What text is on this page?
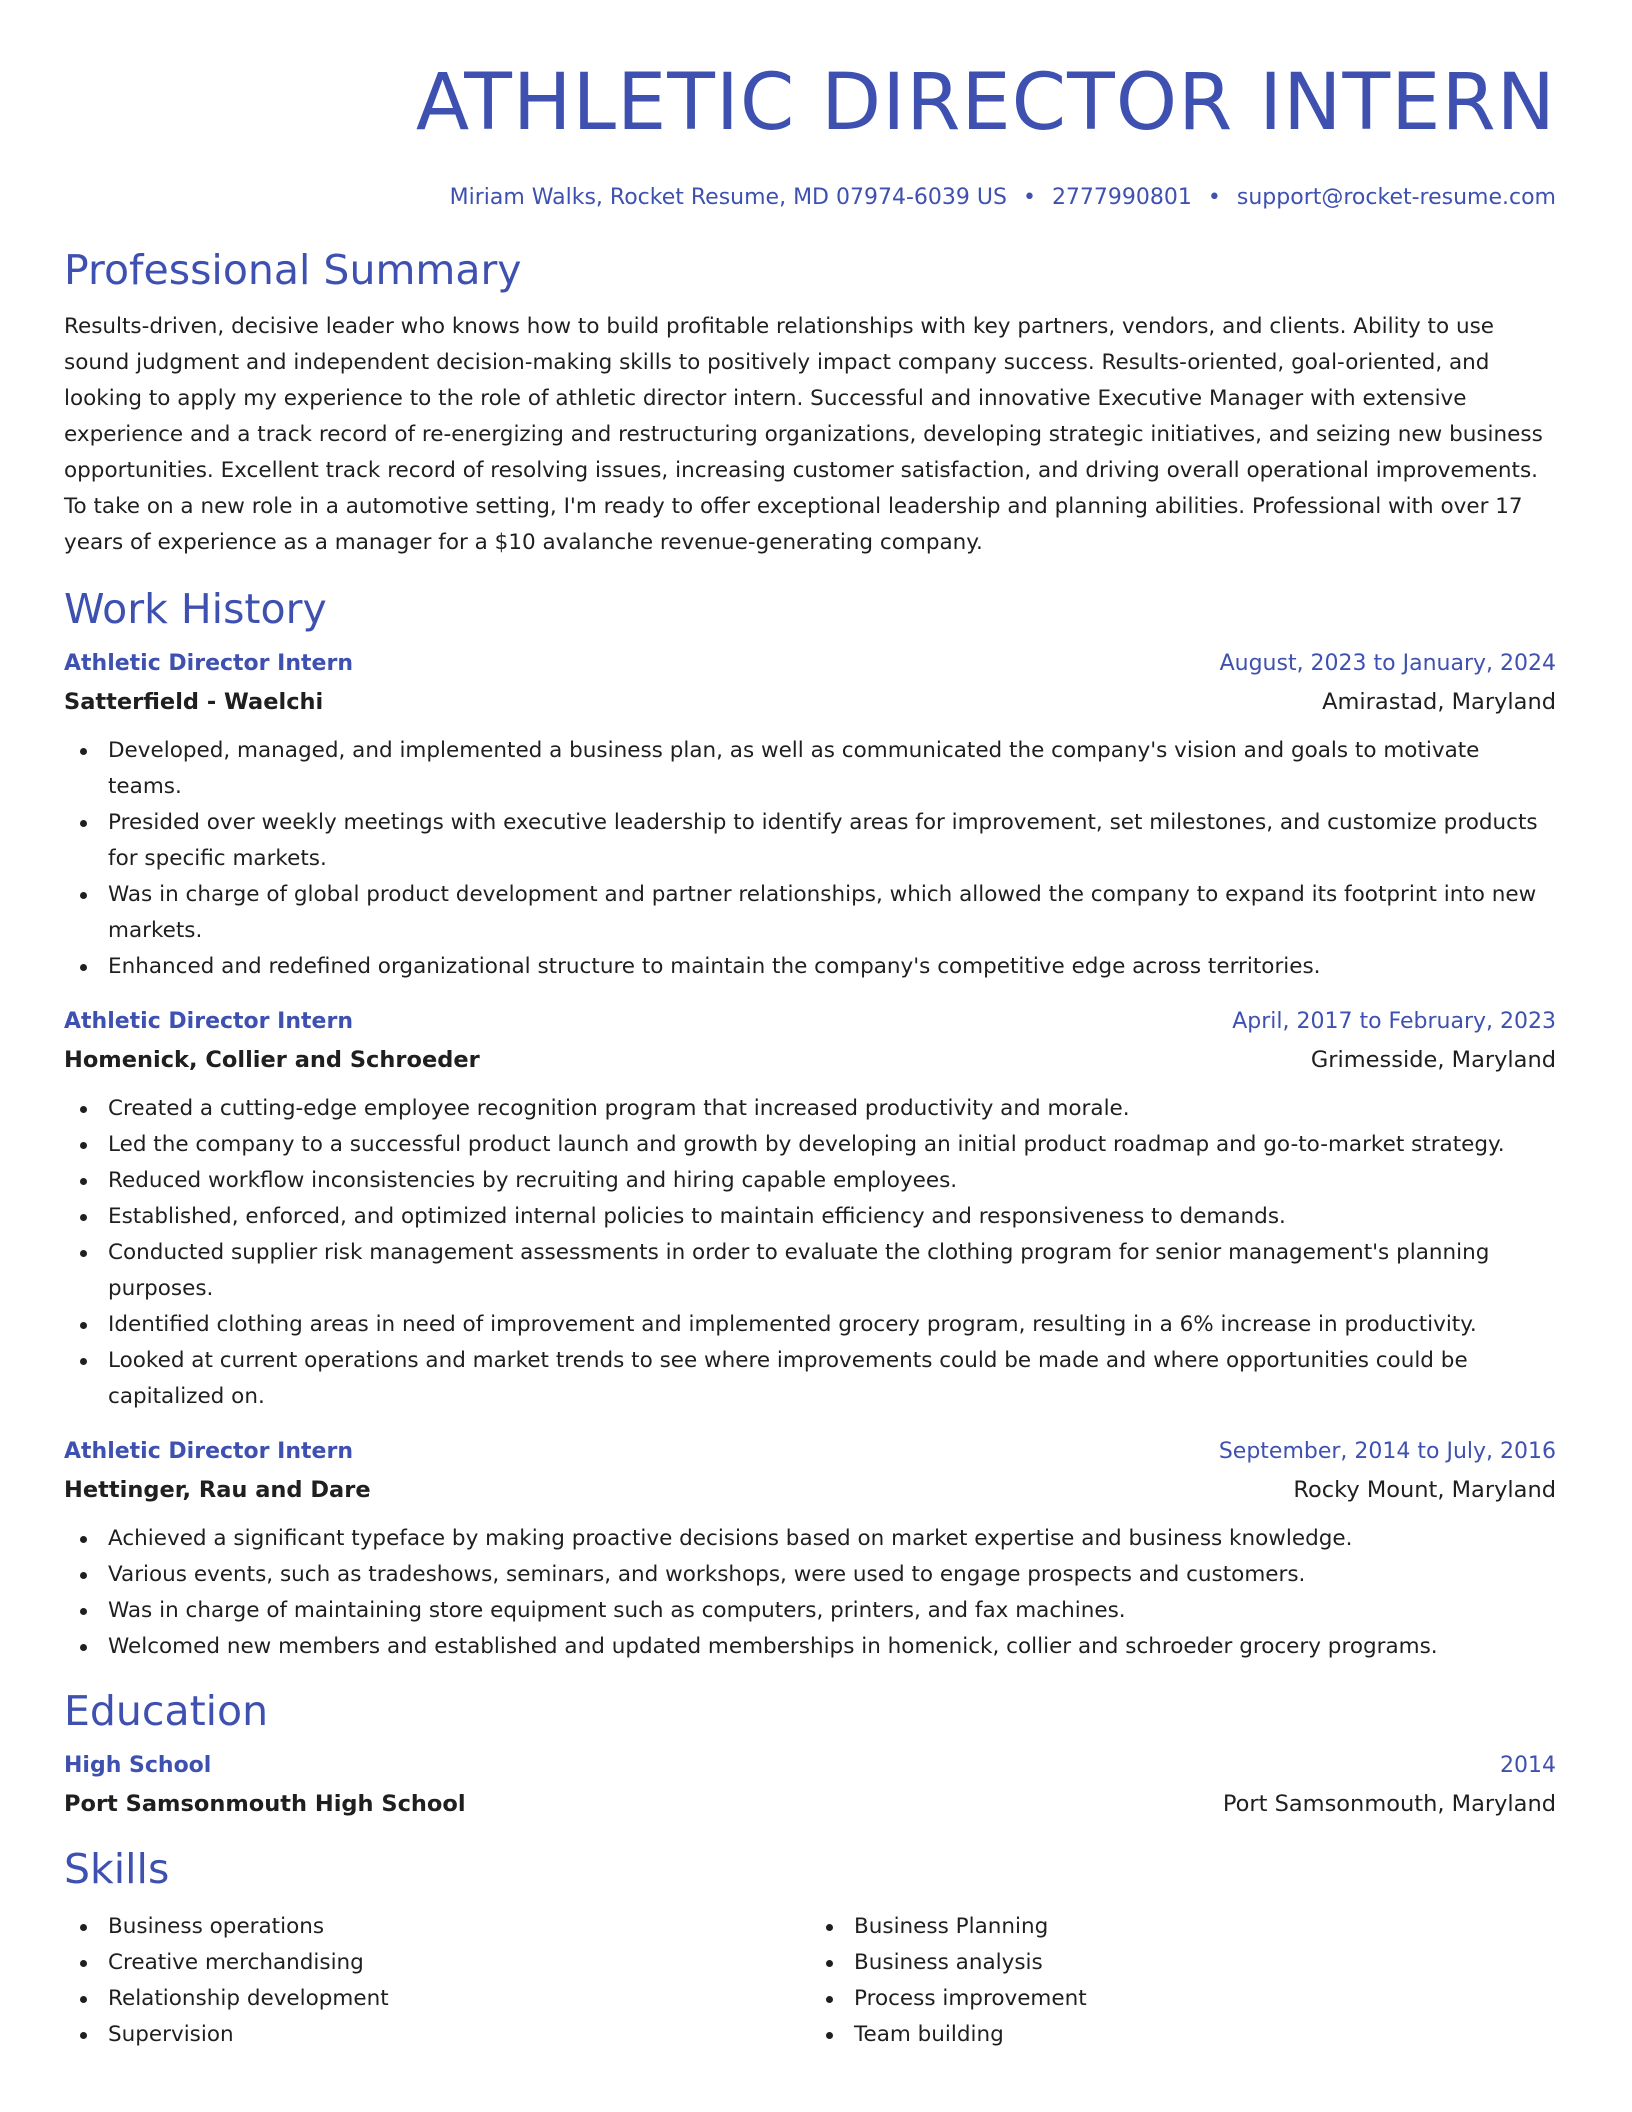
ATHLETIC DIRECTOR INTERN
Miriam Walks, Rocket Resume, MD 07974-6039 US • 2777990801 • support@rocket-resume.com
Professional Summary

Results-driven, decisive leader who knows how to build profitable relationships with key partners, vendors, and clients. Ability to use sound judgment and independent decision-making skills to positively impact company success. Results-oriented, goal-oriented, and looking to apply my experience to the role of athletic director intern. Successful and innovative Executive Manager with extensive experience and a track record of re-energizing and restructuring organizations, developing strategic initiatives, and seizing new business opportunities. Excellent track record of resolving issues, increasing customer satisfaction, and driving overall operational improvements. To take on a new role in a automotive setting, I'm ready to offer exceptional leadership and planning abilities. Professional with over 17 years of experience as a manager for a $10 avalanche revenue-generating company.

Work History
Athletic Director Intern	August, 2023 to January, 2024
Satterfield - Waelchi	Amirastad, Maryland
Developed, managed, and implemented a business plan, as well as communicated the company's vision and goals to motivate teams.
Presided over weekly meetings with executive leadership to identify areas for improvement, set milestones, and customize products for specific markets.
Was in charge of global product development and partner relationships, which allowed the company to expand its footprint into new markets.
Enhanced and redefined organizational structure to maintain the company's competitive edge across territories.
Athletic Director Intern	April, 2017 to February, 2023
Homenick, Collier and Schroeder	Grimesside, Maryland
Created a cutting-edge employee recognition program that increased productivity and morale.
Led the company to a successful product launch and growth by developing an initial product roadmap and go-to-market strategy.
Reduced workflow inconsistencies by recruiting and hiring capable employees.
Established, enforced, and optimized internal policies to maintain efficiency and responsiveness to demands.
Conducted supplier risk management assessments in order to evaluate the clothing program for senior management's planning purposes.
Identified clothing areas in need of improvement and implemented grocery program, resulting in a 6% increase in productivity.
Looked at current operations and market trends to see where improvements could be made and where opportunities could be capitalized on.
Athletic Director Intern	September, 2014 to July, 2016
Hettinger, Rau and Dare	Rocky Mount, Maryland
Achieved a significant typeface by making proactive decisions based on market expertise and business knowledge.
Various events, such as tradeshows, seminars, and workshops, were used to engage prospects and customers.
Was in charge of maintaining store equipment such as computers, printers, and fax machines.
Welcomed new members and established and updated memberships in homenick, collier and schroeder grocery programs.
Education
High School	2014
Port Samsonmouth High School	Port Samsonmouth, Maryland
Skills
Business operations
Creative merchandising
Relationship development
Supervision
Business Planning
Business analysis
Process improvement
Team building
